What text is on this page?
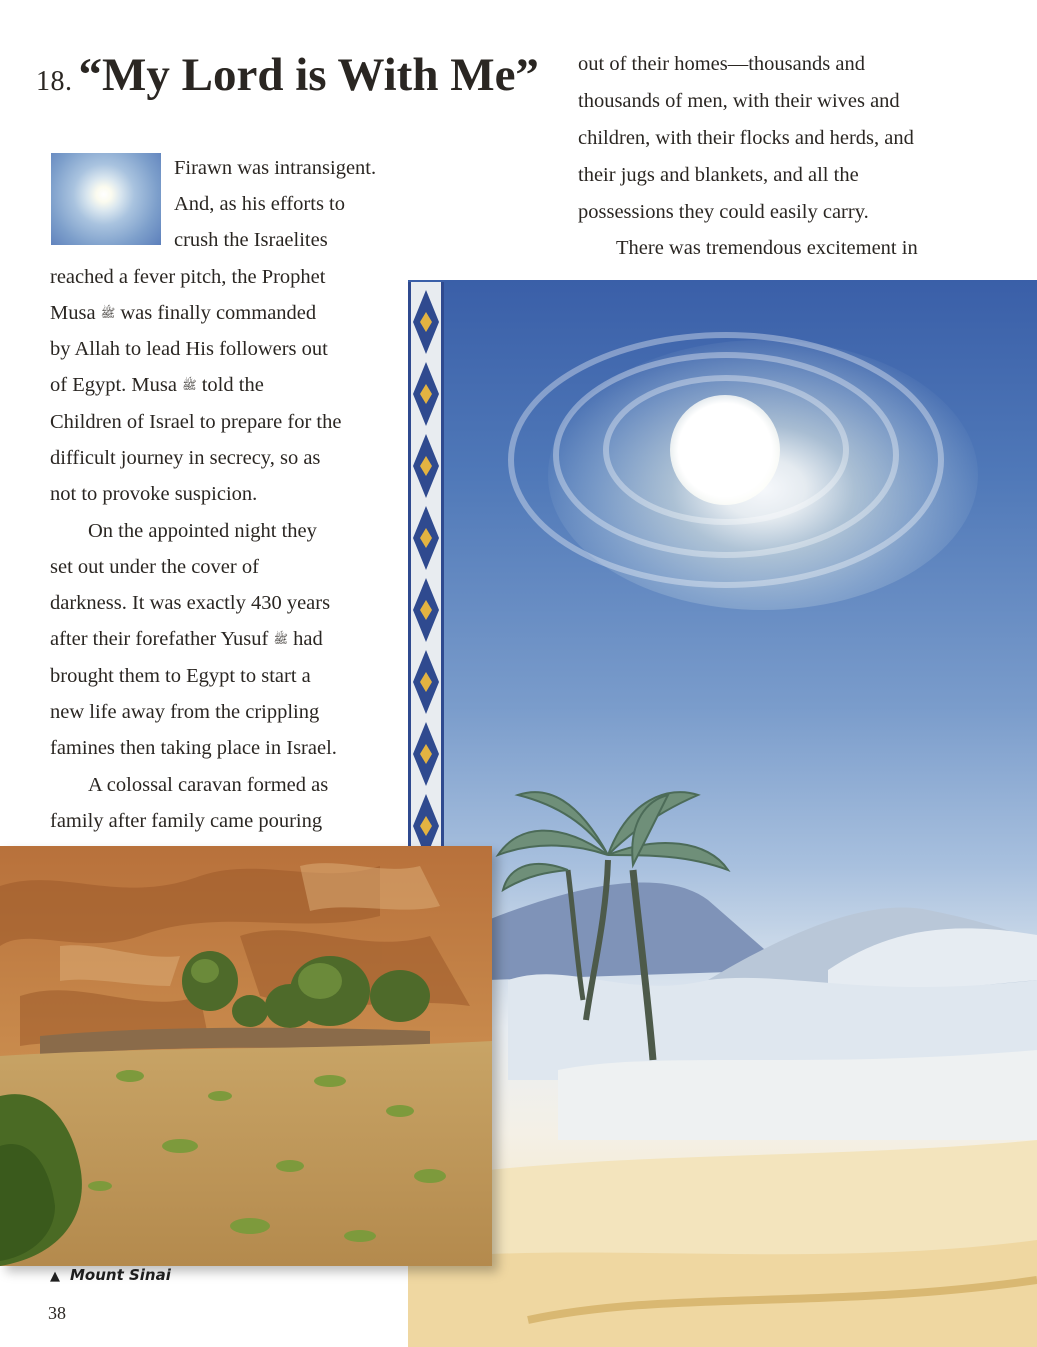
18. “My Lord is With Me”
Firawn was intransigent.
And, as his efforts to
crush the Israelites
reached a fever pitch, the Prophet
Musa ﷺ was finally commanded
by Allah to lead His followers out
of Egypt. Musa ﷺ told the
Children of Israel to prepare for the
difficult journey in secrecy, so as
not to provoke suspicion.
On the appointed night they
set out under the cover of
darkness. It was exactly 430 years
after their forefather Yusuf ﷺ had
brought them to Egypt to start a
new life away from the crippling
famines then taking place in Israel.
A colossal caravan formed as
family after family came pouring
out of their homes—thousands and
thousands of men, with their wives and
children, with their flocks and herds, and
their jugs and blankets, and all the
possessions they could easily carry.
There was tremendous excitement in
▲ Mount Sinai
38
